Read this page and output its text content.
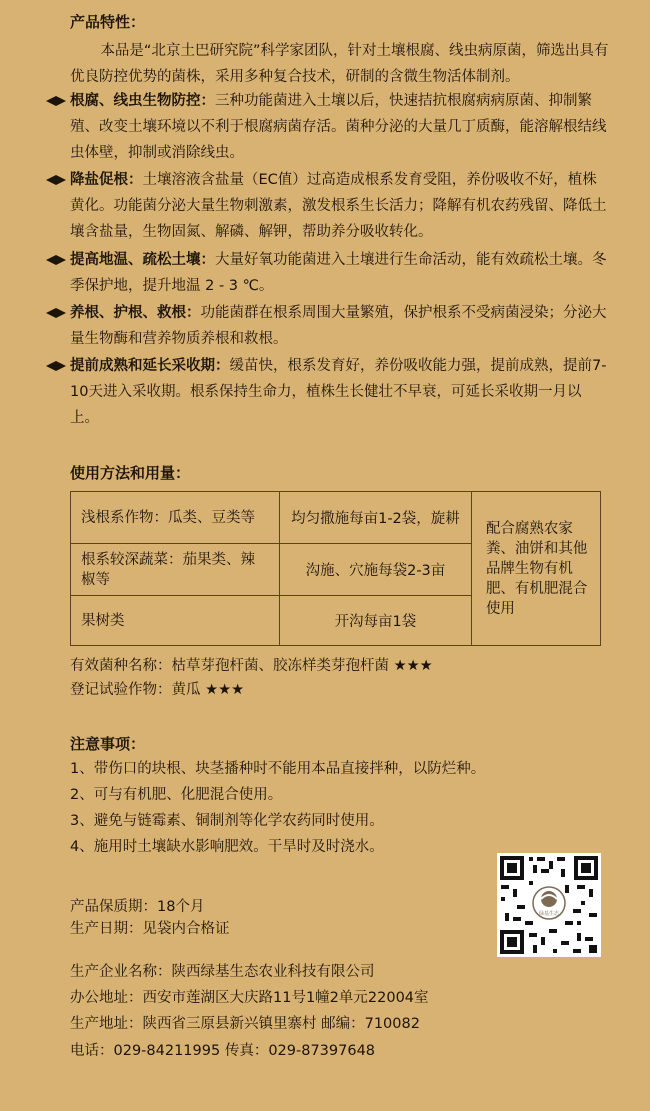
产品特性：
本品是“北京土巴研究院”科学家团队，针对土壤根腐、线虫病原菌，筛选出具有优良防控优势的菌株，采用多种复合技术，研制的含微生物活体制剂。
根腐、线虫生物防控：三种功能菌进入土壤以后，快速拮抗根腐病病原菌、抑制繁殖、改变土壤环境以不利于根腐病菌存活。菌种分泌的大量几丁质酶，能溶解根结线虫体壁，抑制或消除线虫。
降盐促根：土壤溶液含盐量（EC值）过高造成根系发育受阻，养份吸收不好，植株黄化。功能菌分泌大量生物刺激素，激发根系生长活力；降解有机农药残留、降低土壤含盐量，生物固氮、解磷、解钾，帮助养分吸收转化。
提高地温、疏松土壤：大量好氧功能菌进入土壤进行生命活动，能有效疏松土壤。冬季保护地，提升地温 2 - 3 ℃。
养根、护根、救根：功能菌群在根系周围大量繁殖，保护根系不受病菌浸染；分泌大量生物酶和营养物质养根和救根。
提前成熟和延长采收期：缓苗快，根系发育好，养份吸收能力强，提前成熟，提前7-10天进入采收期。根系保持生命力，植株生长健壮不早衰，可延长采收期一月以上。
使用方法和用量：
浅根系作物：瓜类、豆类等	均匀撒施每亩1-2袋，旋耕	配合腐熟农家粪、油饼和其他品牌生物有机肥、有机肥混合使用
根系较深蔬菜：茄果类、辣椒等	沟施、穴施每袋2-3亩	
果树类	开沟每亩1袋	
有效菌种名称：枯草芽孢杆菌、胶冻样类芽孢杆菌 ★★★
登记试验作物：黄瓜 ★★★
注意事项：
1、带伤口的块根、块茎播种时不能用本品直接拌种，以防烂种。
2、可与有机肥、化肥混合使用。
3、避免与链霉素、铜制剂等化学农药同时使用。
4、施用时土壤缺水影响肥效。干旱时及时浇水。
产品保质期：18个月
生产日期：见袋内合格证
绿基生态
生产企业名称：陕西绿基生态农业科技有限公司
办公地址：西安市莲湖区大庆路11号1幢2单元22004室
生产地址：陕西省三原县新兴镇里寨村 邮编：710082
电话：029-84211995 传真：029-87397648
